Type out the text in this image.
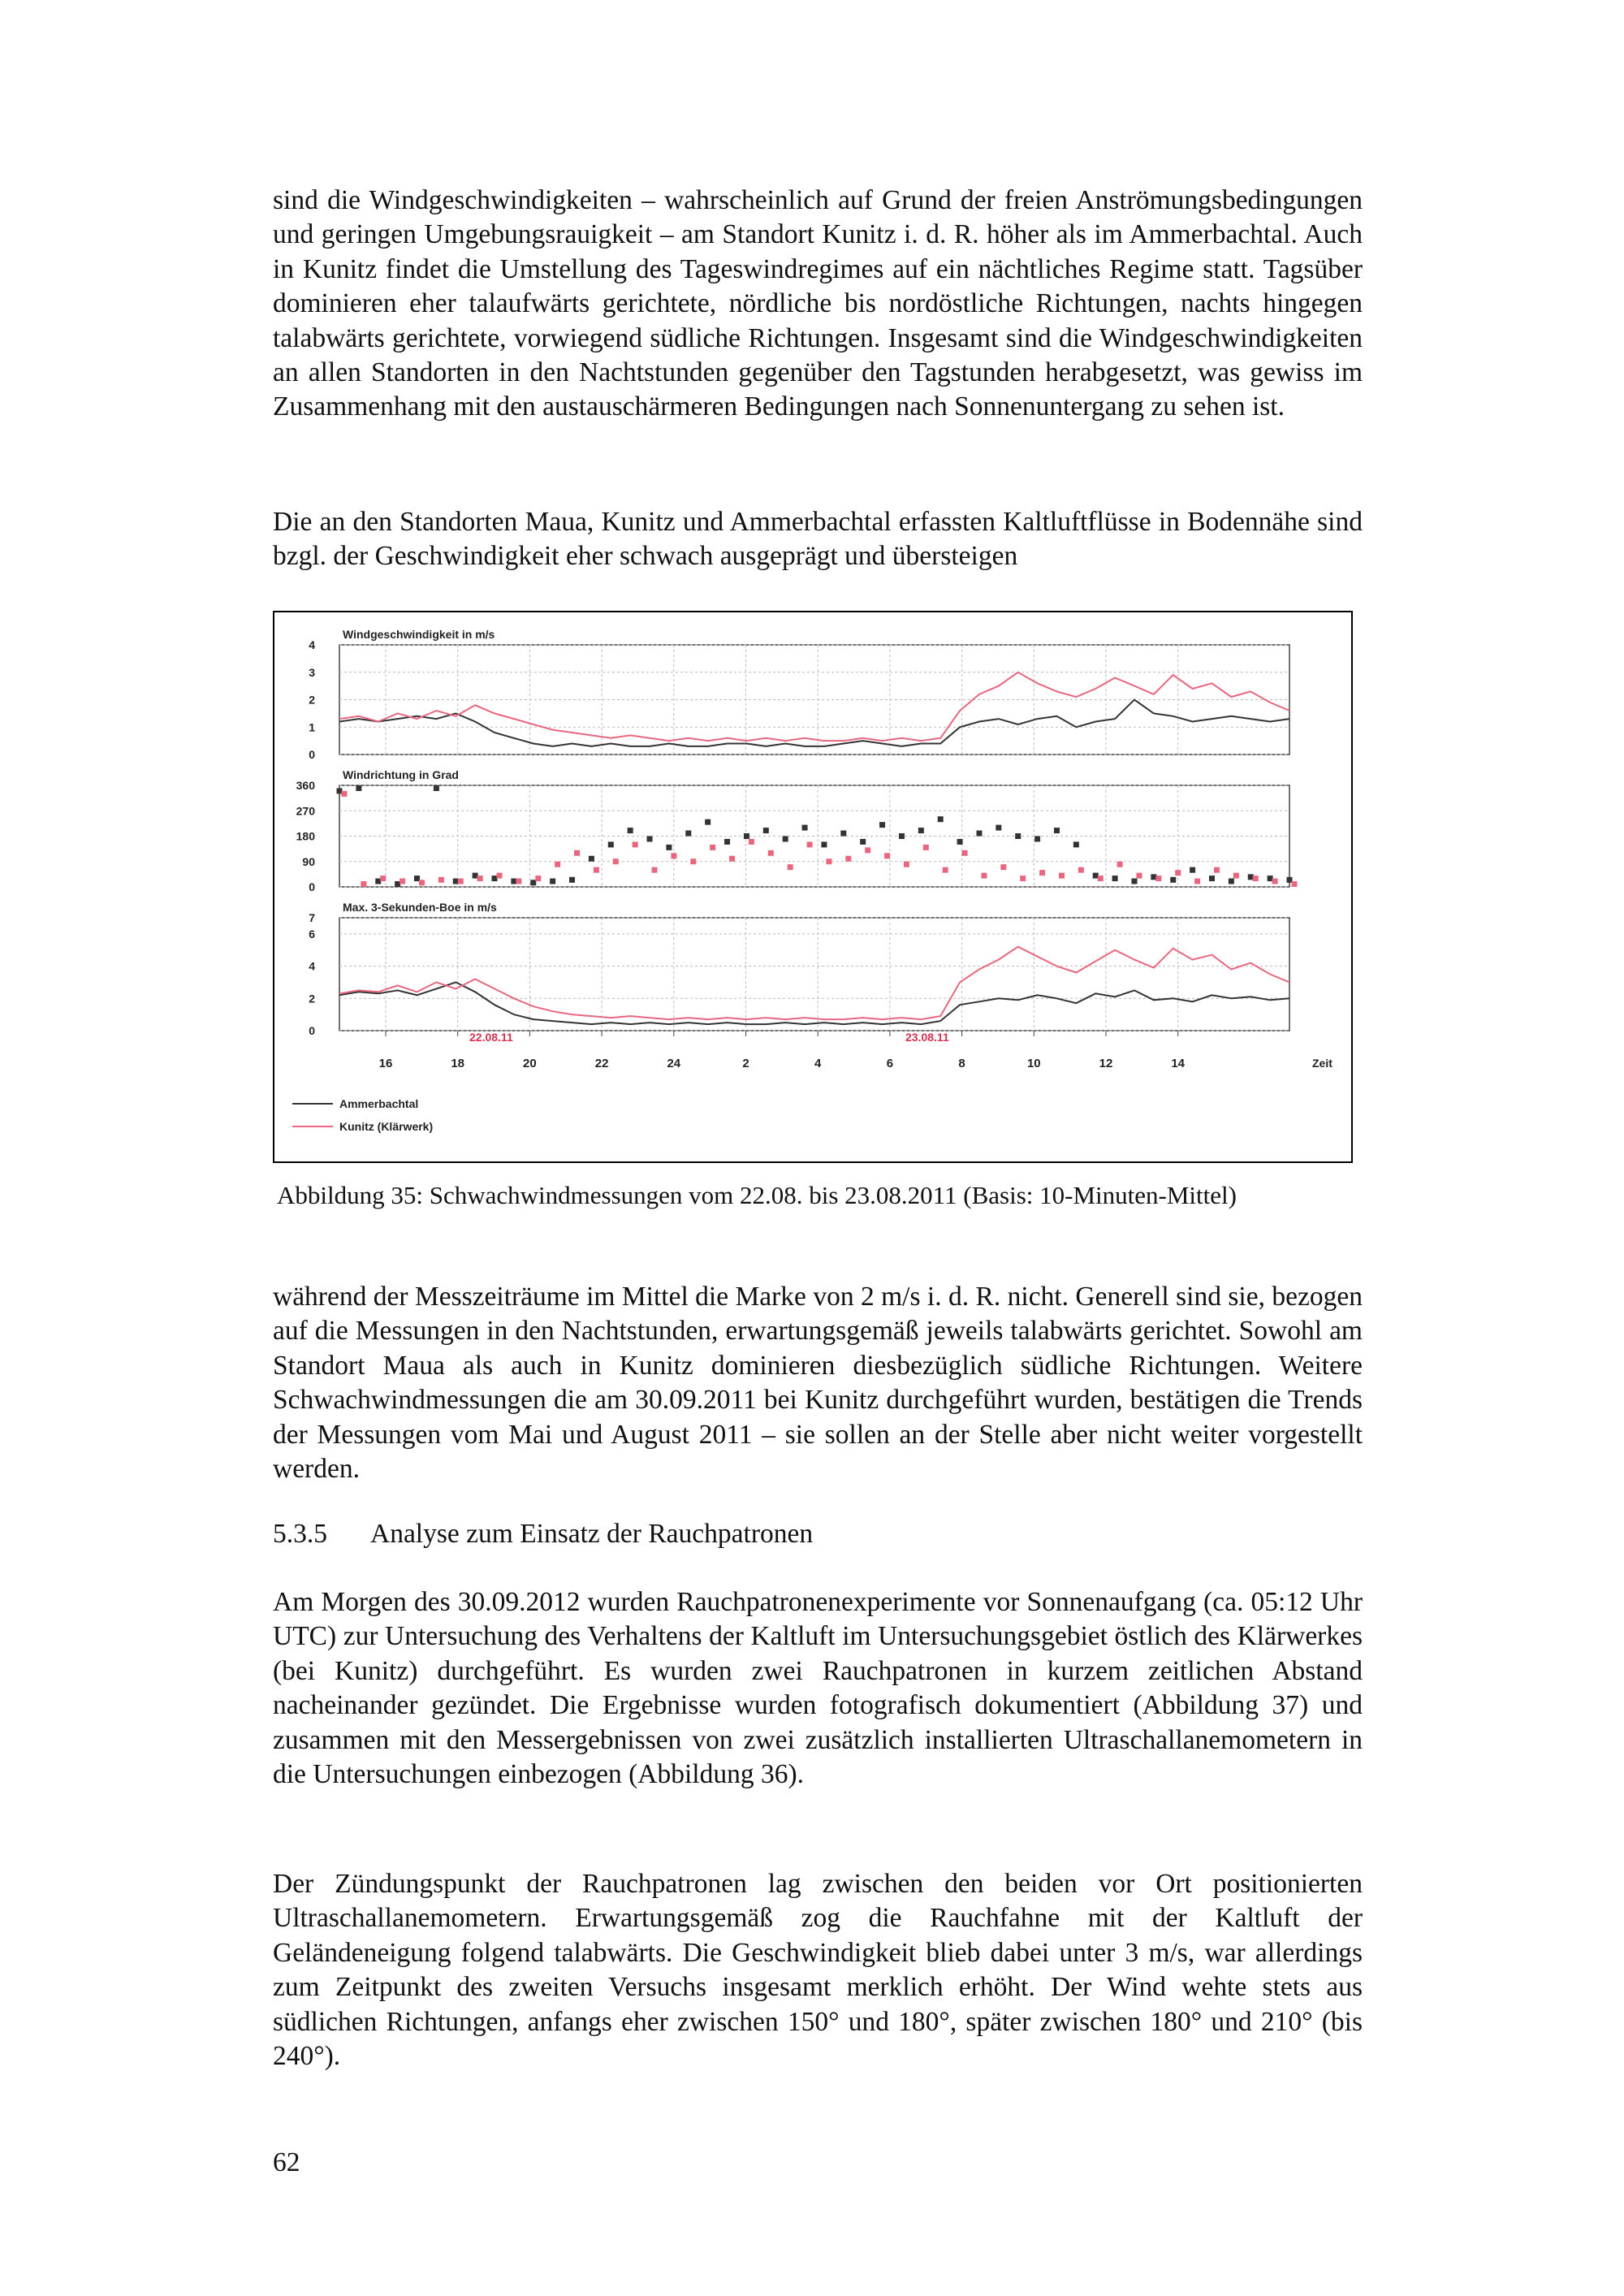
sind die Windgeschwindigkeiten – wahrscheinlich auf Grund der freien Anströmungsbedingungen und geringen Umgebungsrauigkeit – am Standort Kunitz i. d. R. höher als im Ammerbachtal. Auch in Kunitz findet die Umstellung des Tageswindregimes auf ein nächtliches Regime statt. Tagsüber dominieren eher talaufwärts gerichtete, nördliche bis nordöstliche Richtungen, nachts hingegen talabwärts gerichtete, vorwiegend südliche Richtungen. Insgesamt sind die Windgeschwindigkeiten an allen Standorten in den Nachtstunden gegenüber den Tagstunden herabgesetzt, was gewiss im Zusammenhang mit den austauschärmeren Bedingungen nach Sonnenuntergang zu sehen ist.

Die an den Standorten Maua, Kunitz und Ammerbachtal erfassten Kaltluftflüsse in Bodennähe sind bzgl. der Geschwindigkeit eher schwach ausgeprägt und übersteigen

0
1
2
3
4
Windgeschwindigkeit in m/s
0
90
180
270
360
Windrichtung in Grad
0
2
4
6
7
Max. 3-Sekunden-Boe in m/s
22.08.11	23.08.11
16	18	20	22	24	2	4	6	8	10	12	14	Zeit
Ammerbachtal
Kunitz (Klärwerk)
Abbildung 35: Schwachwindmessungen vom 22.08. bis 23.08.2011 (Basis: 10-Minuten-Mittel)

während der Messzeiträume im Mittel die Marke von 2 m/s i. d. R. nicht. Generell sind sie, bezogen auf die Messungen in den Nachtstunden, erwartungsgemäß jeweils talabwärts gerichtet. Sowohl am Standort Maua als auch in Kunitz dominieren diesbezüglich südliche Richtungen. Weitere Schwachwindmessungen die am 30.09.2011 bei Kunitz durchgeführt wurden, bestätigen die Trends der Messungen vom Mai und August 2011 – sie sollen an der Stelle aber nicht weiter vorgestellt werden.

5.3.5 Analyse zum Einsatz der Rauchpatronen

Am Morgen des 30.09.2012 wurden Rauchpatronenexperimente vor Sonnenaufgang (ca. 05:12 Uhr UTC) zur Untersuchung des Verhaltens der Kaltluft im Untersuchungsgebiet östlich des Klärwerkes (bei Kunitz) durchgeführt. Es wurden zwei Rauchpatronen in kurzem zeitlichen Abstand nacheinander gezündet. Die Ergebnisse wurden fotografisch dokumentiert (Abbildung 37) und zusammen mit den Messergebnissen von zwei zusätzlich installierten Ultraschallanemometern in die Untersuchungen einbezogen (Abbildung 36).

Der Zündungspunkt der Rauchpatronen lag zwischen den beiden vor Ort positionierten Ultraschallanemometern. Erwartungsgemäß zog die Rauchfahne mit der Kaltluft der Geländeneigung folgend talabwärts. Die Geschwindigkeit blieb dabei unter 3 m/s, war allerdings zum Zeitpunkt des zweiten Versuchs insgesamt merklich erhöht. Der Wind wehte stets aus südlichen Richtungen, anfangs eher zwischen 150° und 180°, später zwischen 180° und 210° (bis 240°).

62
